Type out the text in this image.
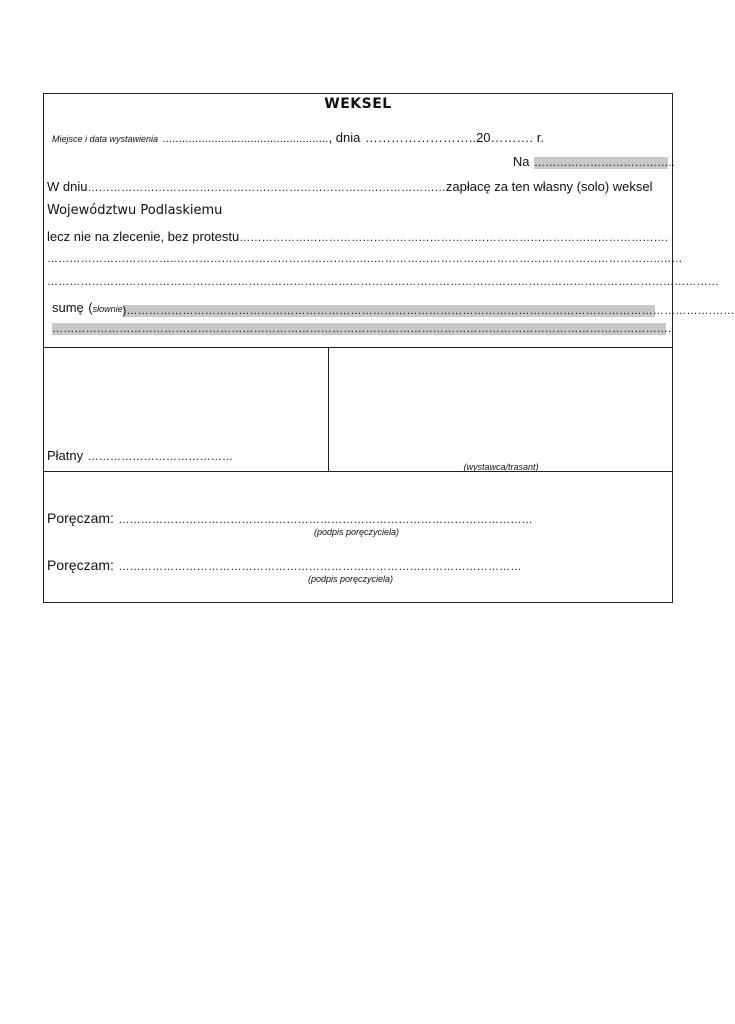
WEKSEL
Miejsce i data wystawienia ..................................................., dnia ……………………..20………. r.
Na ………………………………..
W dniu……………………………………………………………………………………zapłacę za ten własny (solo) weksel
Województwu Podlaskiemu
lecz nie na zlecenie, bez protestu…………………………………………………………………………………………………….
……………………………..……………………………………………..…………………………………………………………………..……
………………………………………………………………………………………………………………………………………………………………
sumę (słownie)………………………………………………………………………………………………………………………………………….……
………………………………………………………………………………………………………………………………………………….
Płatny …………………………………
(wystawca/trasant)
Poręczam: …………………………………………………………………………………………………
(podpis poręczyciela)
Poręczam: ………………………………………………………………………………………………
(podpis poręczyciela)
